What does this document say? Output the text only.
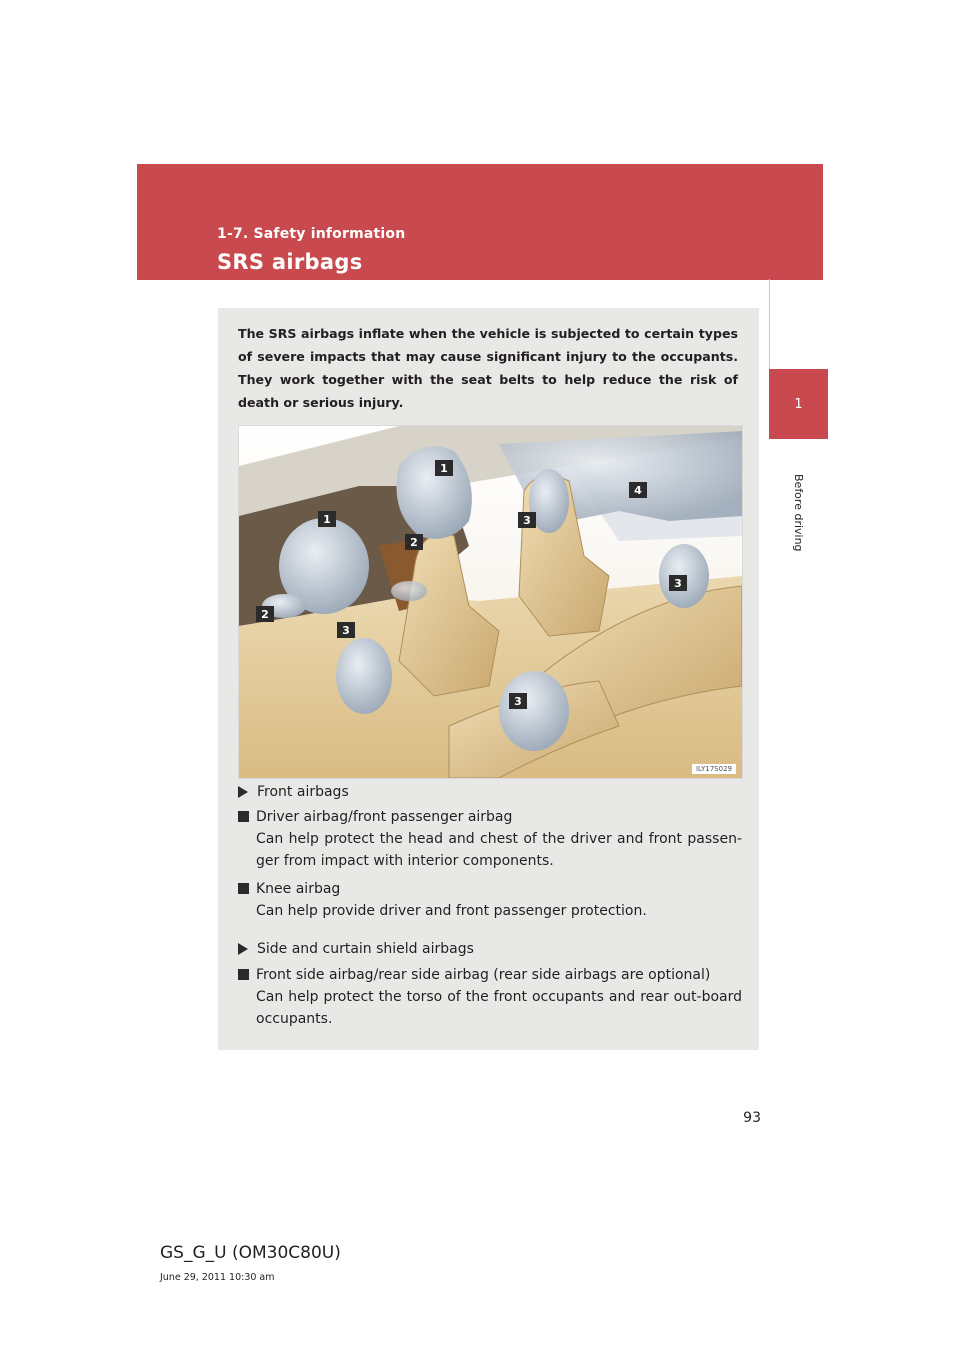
1-7. Safety information
SRS airbags
1
Before driving
The SRS airbags inflate when the vehicle is subjected to certain types of severe impacts that may cause significant injury to the occupants. They work together with the seat belts to help reduce the risk of death or serious injury.
1
1
2
2
3
3
3
3
4
ILY17S029
Front airbags
Driver airbag/front passenger airbag
Can help protect the head and chest of the driver and front passen-ger from impact with interior components.
Knee airbag
Can help provide driver and front passenger protection.
Side and curtain shield airbags
Front side airbag/rear side airbag (rear side airbags are optional)
Can help protect the torso of the front occupants and rear out-board occupants.
93
GS_G_U (OM30C80U)
June 29, 2011 10:30 am
